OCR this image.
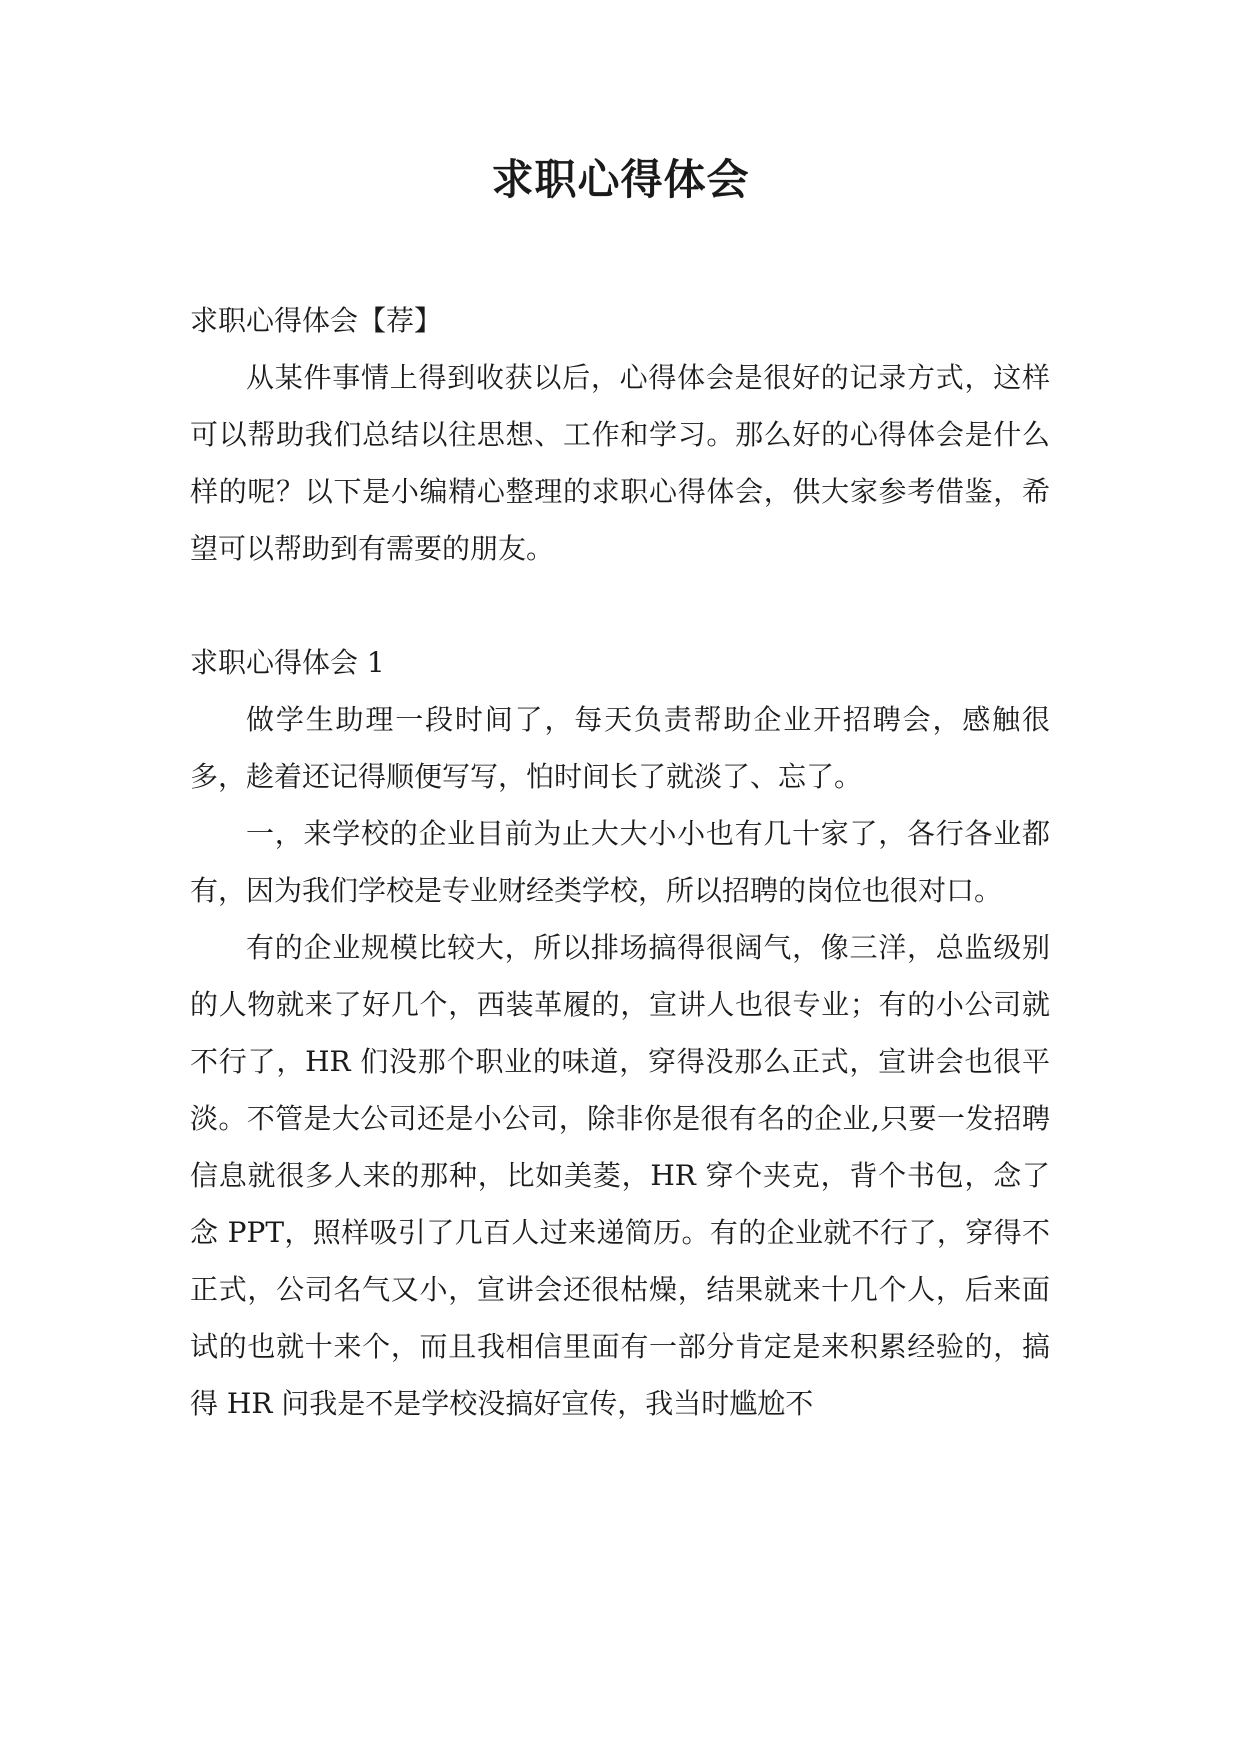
求职心得体会

求职心得体会【荐】

从某件事情上得到收获以后，心得体会是很好的记录方式，这样可以帮助我们总结以往思想、工作和学习。那么好的心得体会是什么样的呢？以下是小编精心整理的求职心得体会，供大家参考借鉴，希望可以帮助到有需要的朋友。

求职心得体会 1

做学生助理一段时间了，每天负责帮助企业开招聘会，感触很多，趁着还记得顺便写写，怕时间长了就淡了、忘了。

一，来学校的企业目前为止大大小小也有几十家了，各行各业都有，因为我们学校是专业财经类学校，所以招聘的岗位也很对口。

有的企业规模比较大，所以排场搞得很阔气，像三洋，总监级别的人物就来了好几个，西装革履的，宣讲人也很专业；有的小公司就不行了，HR 们没那个职业的味道，穿得没那么正式，宣讲会也很平淡。不管是大公司还是小公司，除非你是很有名的企业,只要一发招聘信息就很多人来的那种，比如美菱，HR 穿个夹克，背个书包，念了念 PPT，照样吸引了几百人过来递简历。有的企业就不行了，穿得不正式，公司名气又小，宣讲会还很枯燥，结果就来十几个人，后来面试的也就十来个，而且我相信里面有一部分肯定是来积累经验的，搞得 HR 问我是不是学校没搞好宣传，我当时尴尬不
